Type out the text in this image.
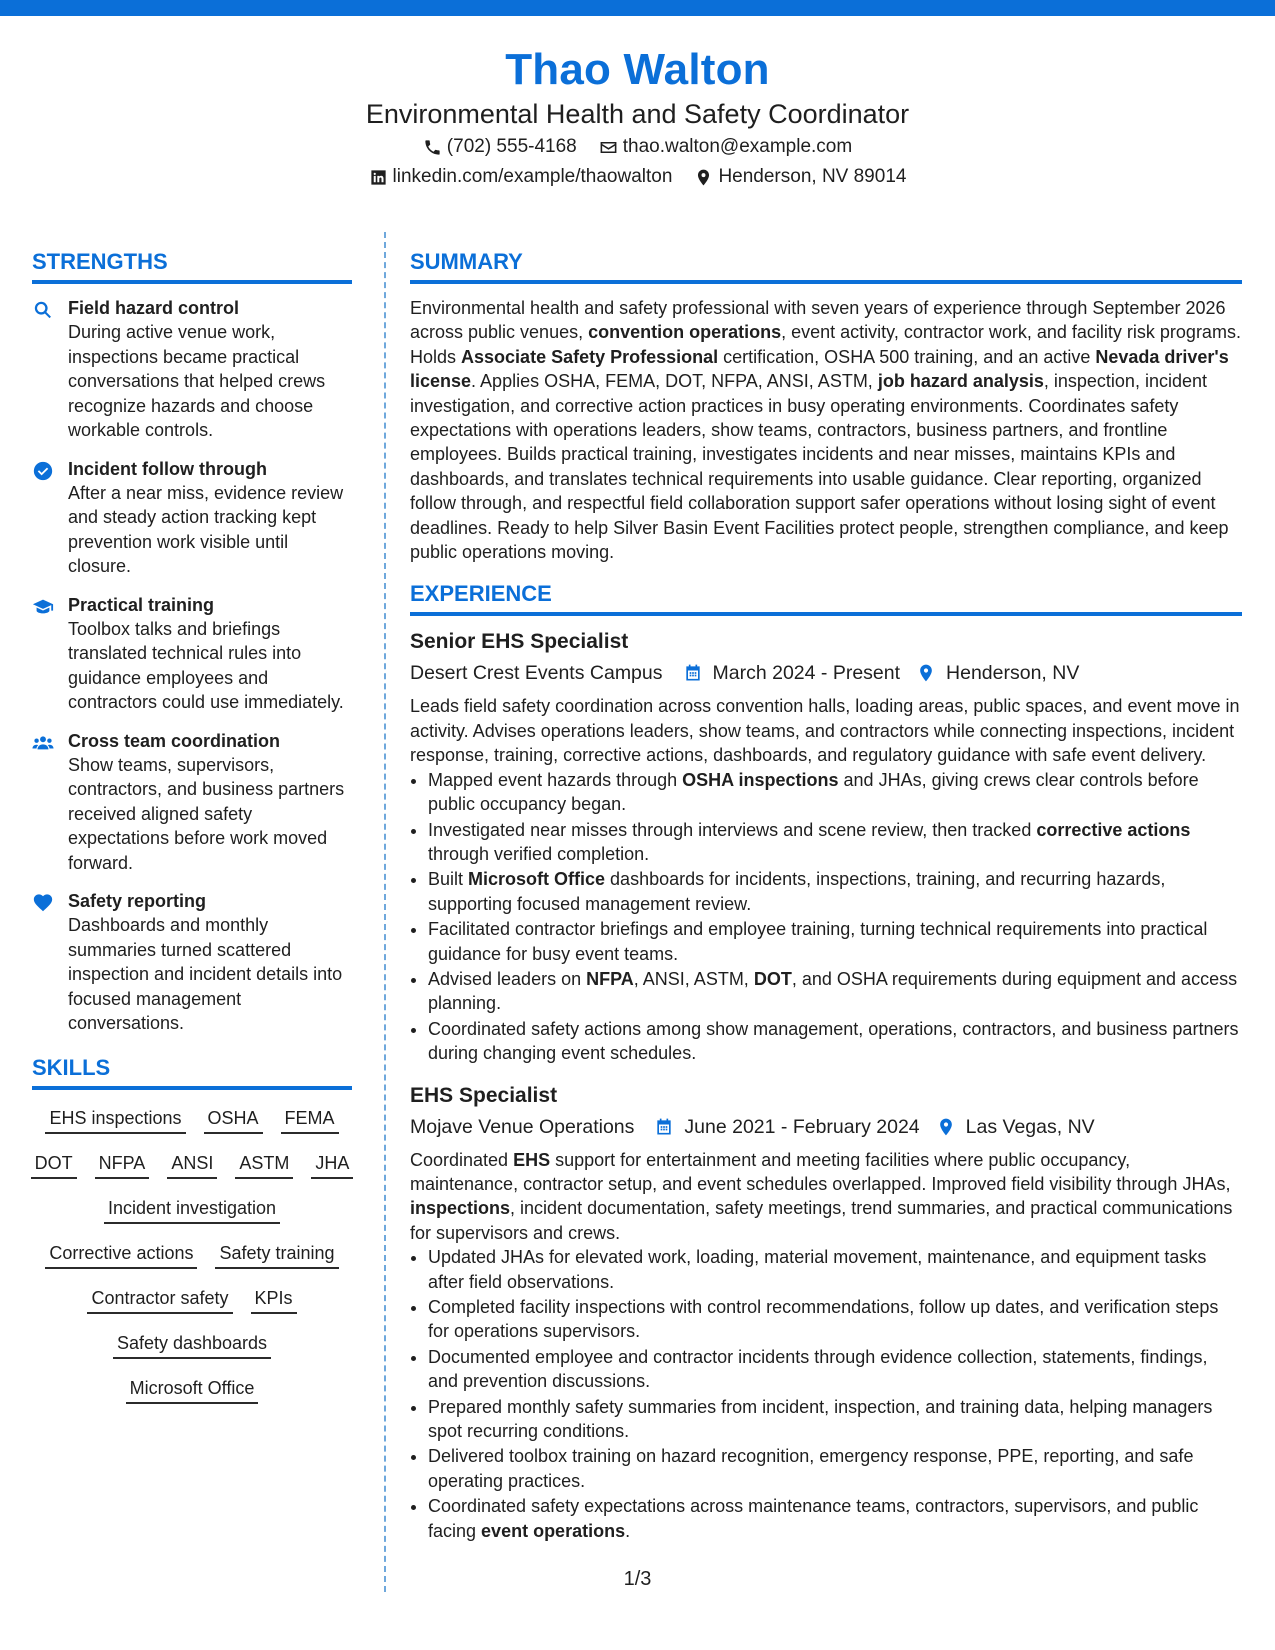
Thao Walton
Environmental Health and Safety Coordinator
(702) 555-4168 thao.walton@example.com
linkedin.com/example/thaowalton Henderson, NV 89014
STRENGTHS
Field hazard control
During active venue work, inspections became practical conversations that helped crews recognize hazards and choose workable controls.
Incident follow through
After a near miss, evidence review and steady action tracking kept prevention work visible until closure.
Practical training
Toolbox talks and briefings translated technical rules into guidance employees and contractors could use immediately.
Cross team coordination
Show teams, supervisors, contractors, and business partners received aligned safety expectations before work moved forward.
Safety reporting
Dashboards and monthly summaries turned scattered inspection and incident details into focused management conversations.
SKILLS
EHS inspections OSHA FEMA
DOT NFPA ANSI ASTM JHA
Incident investigation
Corrective actions Safety training
Contractor safety KPIs
Safety dashboards
Microsoft Office
SUMMARY
Environmental health and safety professional with seven years of experience through September 2026 across public venues, convention operations, event activity, contractor work, and facility risk programs. Holds Associate Safety Professional certification, OSHA 500 training, and an active Nevada driver's license. Applies OSHA, FEMA, DOT, NFPA, ANSI, ASTM, job hazard analysis, inspection, incident investigation, and corrective action practices in busy operating environments. Coordinates safety expectations with operations leaders, show teams, contractors, business partners, and frontline employees. Builds practical training, investigates incidents and near misses, maintains KPIs and dashboards, and translates technical requirements into usable guidance. Clear reporting, organized follow through, and respectful field collaboration support safer operations without losing sight of event deadlines. Ready to help Silver Basin Event Facilities protect people, strengthen compliance, and keep public operations moving.
EXPERIENCE
Senior EHS Specialist
Desert Crest Events Campus	March 2024 - Present Henderson, NV
Leads field safety coordination across convention halls, loading areas, public spaces, and event move in activity. Advises operations leaders, show teams, and contractors while connecting inspections, incident response, training, corrective actions, dashboards, and regulatory guidance with safe event delivery.
• Mapped event hazards through OSHA inspections and JHAs, giving crews clear controls before public occupancy began.
• Investigated near misses through interviews and scene review, then tracked corrective actions through verified completion.
• Built Microsoft Office dashboards for incidents, inspections, training, and recurring hazards, supporting focused management review.
• Facilitated contractor briefings and employee training, turning technical requirements into practical guidance for busy event teams.
• Advised leaders on NFPA, ANSI, ASTM, DOT, and OSHA requirements during equipment and access planning.
• Coordinated safety actions among show management, operations, contractors, and business partners during changing event schedules.
EHS Specialist
Mojave Venue Operations	June 2021 - February 2024 Las Vegas, NV
Coordinated EHS support for entertainment and meeting facilities where public occupancy, maintenance, contractor setup, and event schedules overlapped. Improved field visibility through JHAs, inspections, incident documentation, safety meetings, trend summaries, and practical communications for supervisors and crews.
• Updated JHAs for elevated work, loading, material movement, maintenance, and equipment tasks after field observations.
• Completed facility inspections with control recommendations, follow up dates, and verification steps for operations supervisors.
• Documented employee and contractor incidents through evidence collection, statements, findings, and prevention discussions.
• Prepared monthly safety summaries from incident, inspection, and training data, helping managers spot recurring conditions.
• Delivered toolbox training on hazard recognition, emergency response, PPE, reporting, and safe operating practices.
• Coordinated safety expectations across maintenance teams, contractors, supervisors, and public facing event operations.
1/3
